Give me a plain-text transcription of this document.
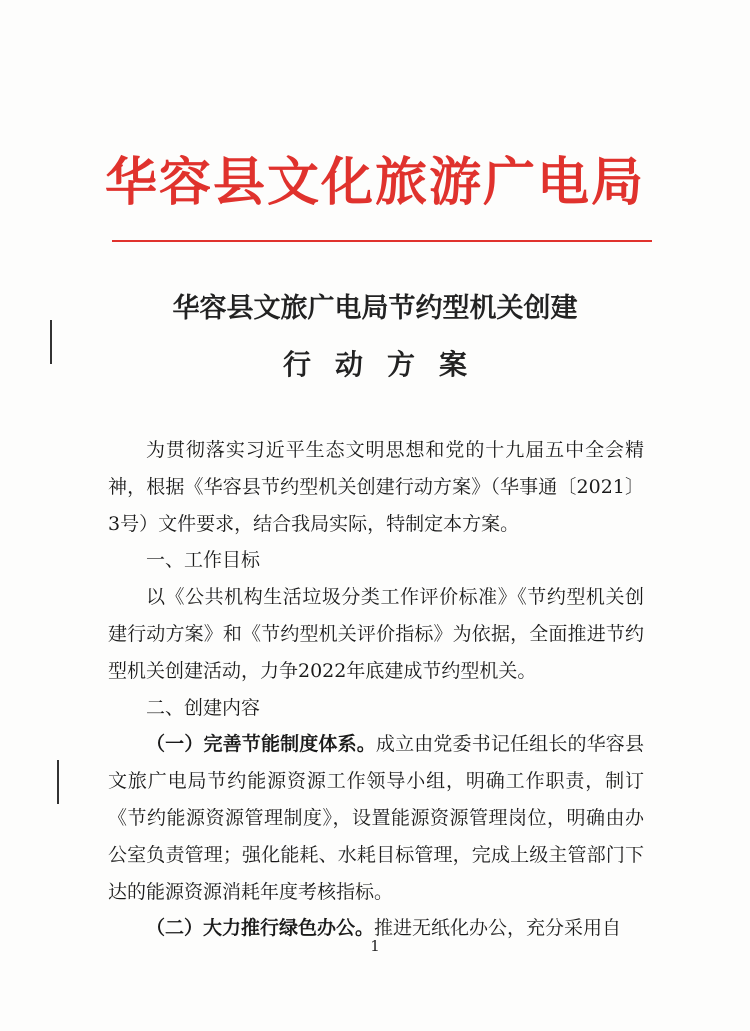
华容县文化旅游广电局
华容县文旅广电局节约型机关创建
行动方案

为贯彻落实习近平生态文明思想和党的十九届五中全会精神，根据《华容县节约型机关创建行动方案》（华事通〔2021〕3号）文件要求，结合我局实际，特制定本方案。

一、工作目标

以《公共机构生活垃圾分类工作评价标准》《节约型机关创建行动方案》和《节约型机关评价指标》为依据，全面推进节约型机关创建活动，力争2022年底建成节约型机关。

二、创建内容

（一）完善节能制度体系。成立由党委书记任组长的华容县文旅广电局节约能源资源工作领导小组，明确工作职责，制订《节约能源资源管理制度》，设置能源资源管理岗位，明确由办公室负责管理；强化能耗、水耗目标管理，完成上级主管部门下达的能源资源消耗年度考核指标。

（二）大力推行绿色办公。推进无纸化办公，充分采用自

1
